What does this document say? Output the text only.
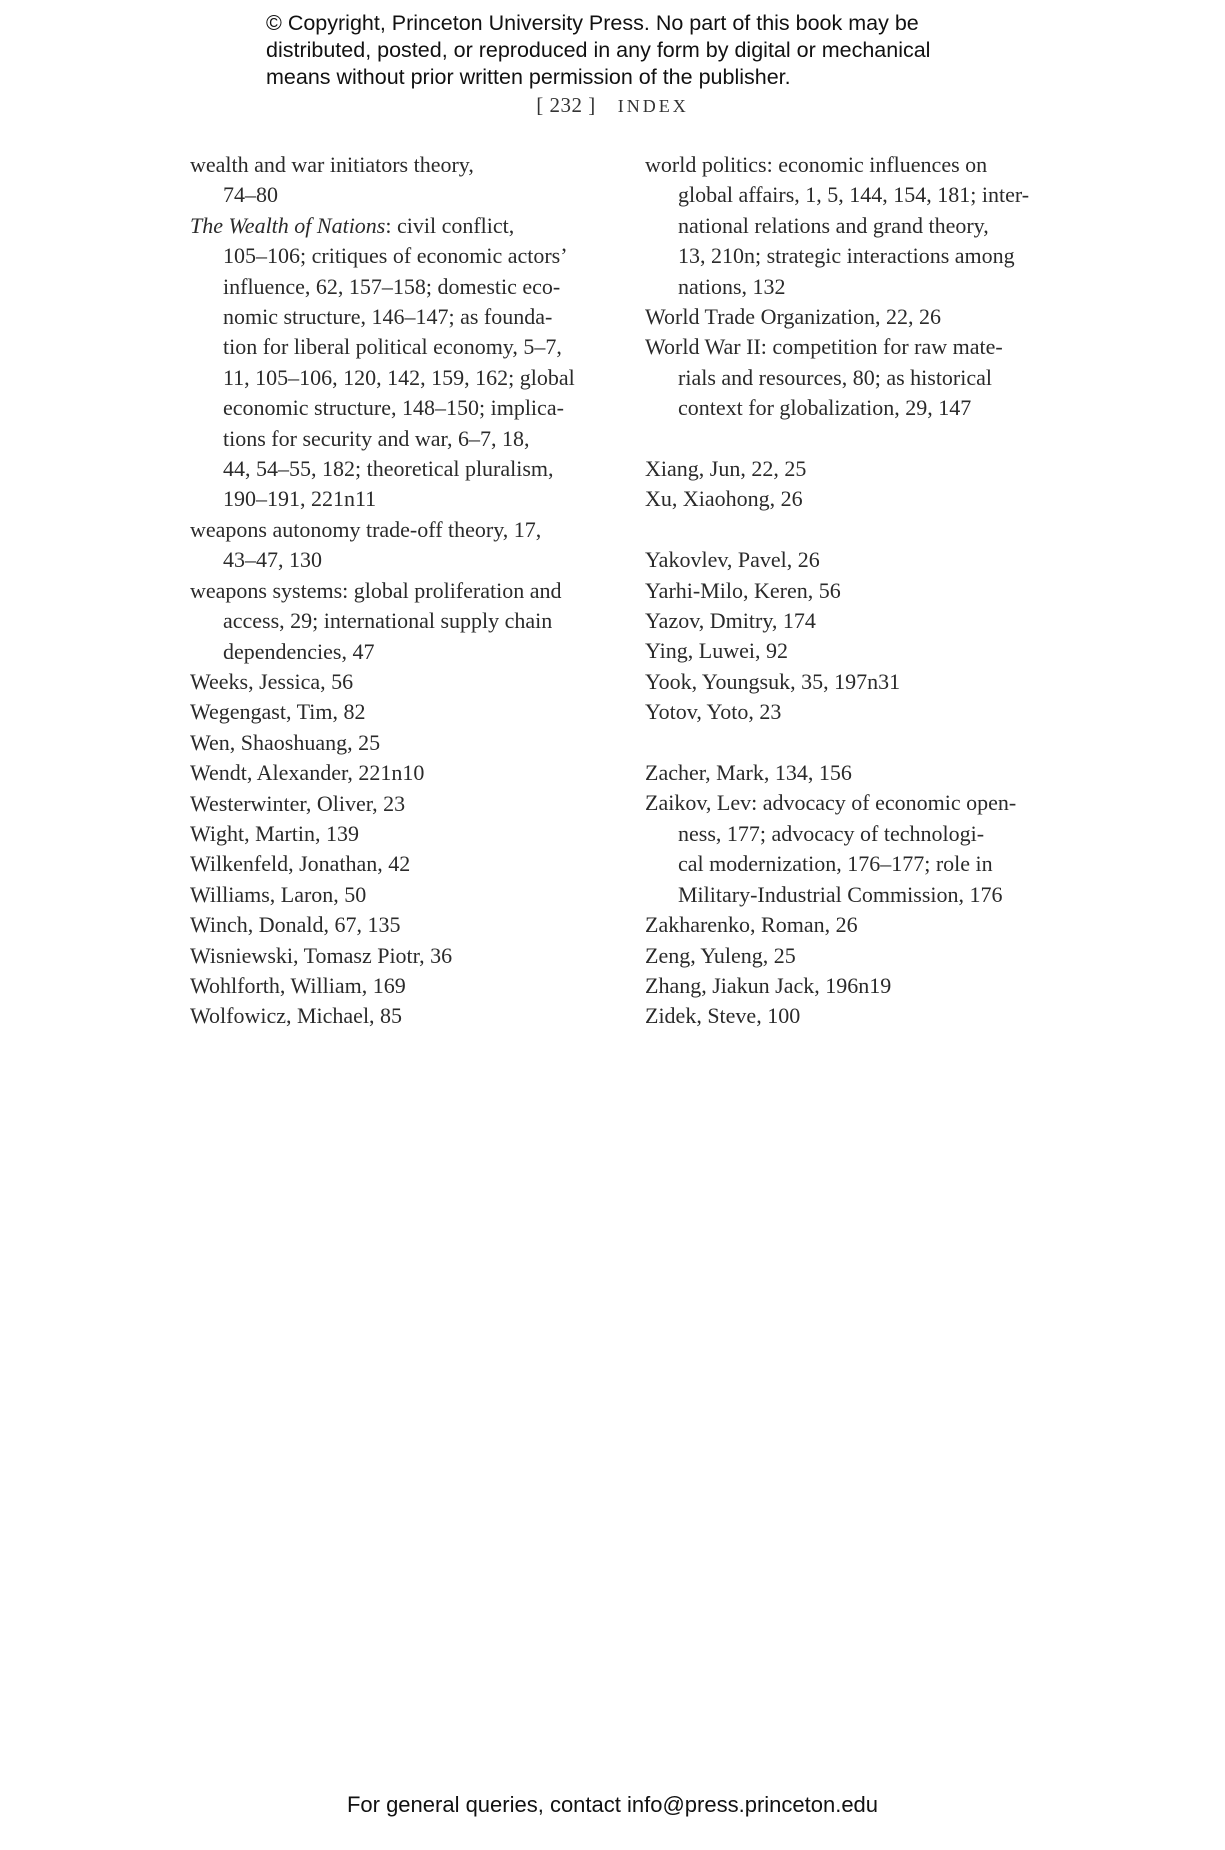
© Copyright, Princeton University Press. No part of this book may be
distributed, posted, or reproduced in any form by digital or mechanical
means without prior written permission of the publisher.
[ 232 ] INDEX
wealth and war initiators theory,
74–80
The Wealth of Nations: civil conflict,
105–106; critiques of economic actors’
influence, 62, 157–158; domestic eco-
nomic structure, 146–147; as founda-
tion for liberal political economy, 5–7,
11, 105–106, 120, 142, 159, 162; global
economic structure, 148–150; implica-
tions for security and war, 6–7, 18,
44, 54–55, 182; theoretical pluralism,
190–191, 221n11
weapons autonomy trade-off theory, 17,
43–47, 130
weapons systems: global proliferation and
access, 29; international supply chain
dependencies, 47
Weeks, Jessica, 56
Wegengast, Tim, 82
Wen, Shaoshuang, 25
Wendt, Alexander, 221n10
Westerwinter, Oliver, 23
Wight, Martin, 139
Wilkenfeld, Jonathan, 42
Williams, Laron, 50
Winch, Donald, 67, 135
Wisniewski, Tomasz Piotr, 36
Wohlforth, William, 169
Wolfowicz, Michael, 85
world politics: economic influences on
global affairs, 1, 5, 144, 154, 181; inter-
national relations and grand theory,
13, 210n; strategic interactions among
nations, 132
World Trade Organization, 22, 26
World War II: competition for raw mate-
rials and resources, 80; as historical
context for globalization, 29, 147
Xiang, Jun, 22, 25
Xu, Xiaohong, 26
Yakovlev, Pavel, 26
Yarhi-Milo, Keren, 56
Yazov, Dmitry, 174
Ying, Luwei, 92
Yook, Youngsuk, 35, 197n31
Yotov, Yoto, 23
Zacher, Mark, 134, 156
Zaikov, Lev: advocacy of economic open-
ness, 177; advocacy of technologi-
cal modernization, 176–177; role in
Military-Industrial Commission, 176
Zakharenko, Roman, 26
Zeng, Yuleng, 25
Zhang, Jiakun Jack, 196n19
Zidek, Steve, 100
For general queries, contact info@press.princeton.edu
